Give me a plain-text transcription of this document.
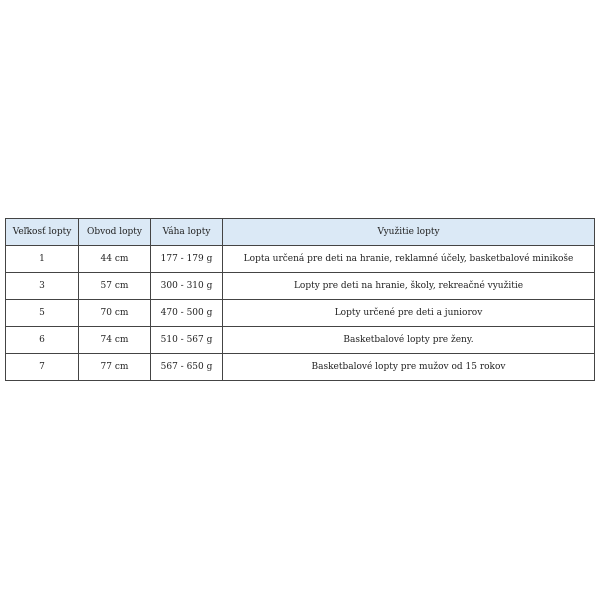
Veľkosť lopty	Obvod lopty	Váha lopty	Využitie lopty
1	44 cm	177 - 179 g	Lopta určená pre deti na hranie, reklamné účely, basketbalové minikoše
3	57 cm	300 - 310 g	Lopty pre deti na hranie, školy, rekreačné využitie
5	70 cm	470 - 500 g	Lopty určené pre deti a juniorov
6	74 cm	510 - 567 g	Basketbalové lopty pre ženy.
7	77 cm	567 - 650 g	Basketbalové lopty pre mužov od 15 rokov
